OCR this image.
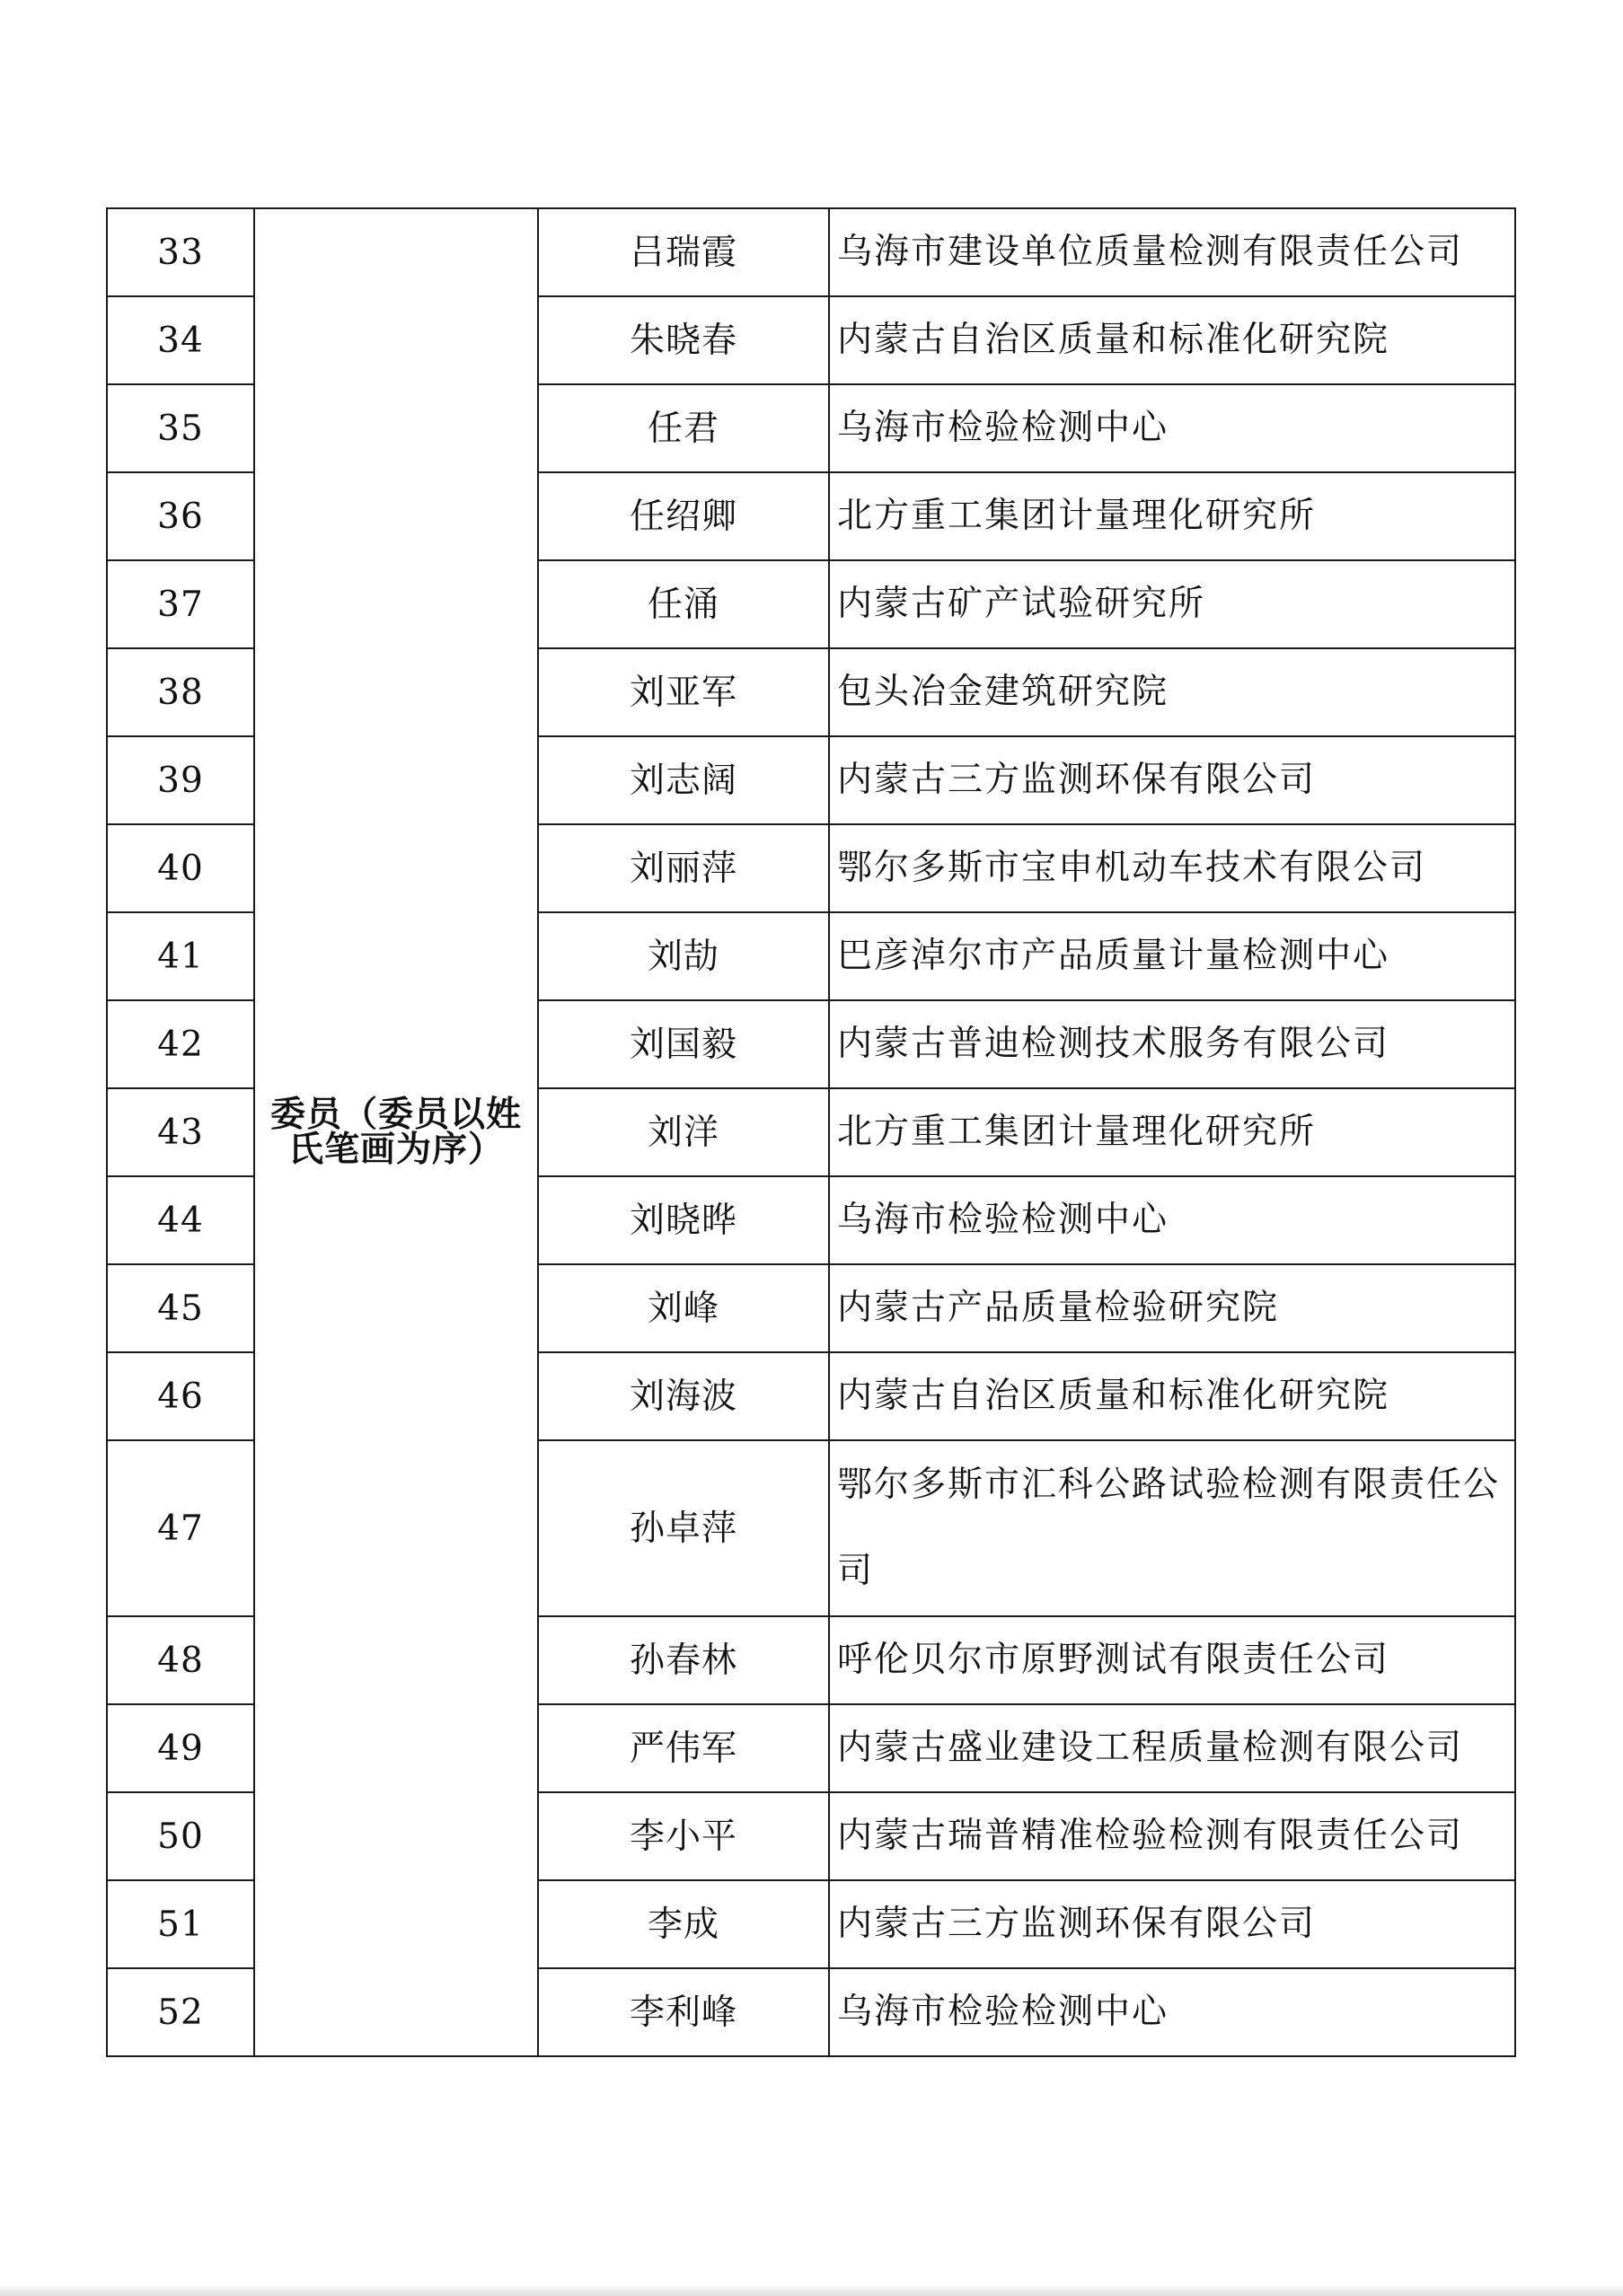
33	委员（委员以姓氏笔画为序）	吕瑞霞	乌海市建设单位质量检测有限责任公司

34		朱晓春	内蒙古自治区质量和标准化研究院

35		任君	乌海市检验检测中心

36		任绍卿	北方重工集团计量理化研究所

37		任涌	内蒙古矿产试验研究所

38		刘亚军	包头冶金建筑研究院

39		刘志阔	内蒙古三方监测环保有限公司

40		刘丽萍	鄂尔多斯市宝申机动车技术有限公司

41		刘劼	巴彦淖尔市产品质量计量检测中心

42		刘国毅	内蒙古普迪检测技术服务有限公司

43		刘洋	北方重工集团计量理化研究所

44		刘晓晔	乌海市检验检测中心

45		刘峰	内蒙古产品质量检验研究院

46		刘海波	内蒙古自治区质量和标准化研究院

47		孙卓萍	鄂尔多斯市汇科公路试验检测有限责任公司

48		孙春林	呼伦贝尔市原野测试有限责任公司

49		严伟军	内蒙古盛业建设工程质量检测有限公司

50		李小平	内蒙古瑞普精准检验检测有限责任公司

51		李成	内蒙古三方监测环保有限公司

52		李利峰	乌海市检验检测中心
